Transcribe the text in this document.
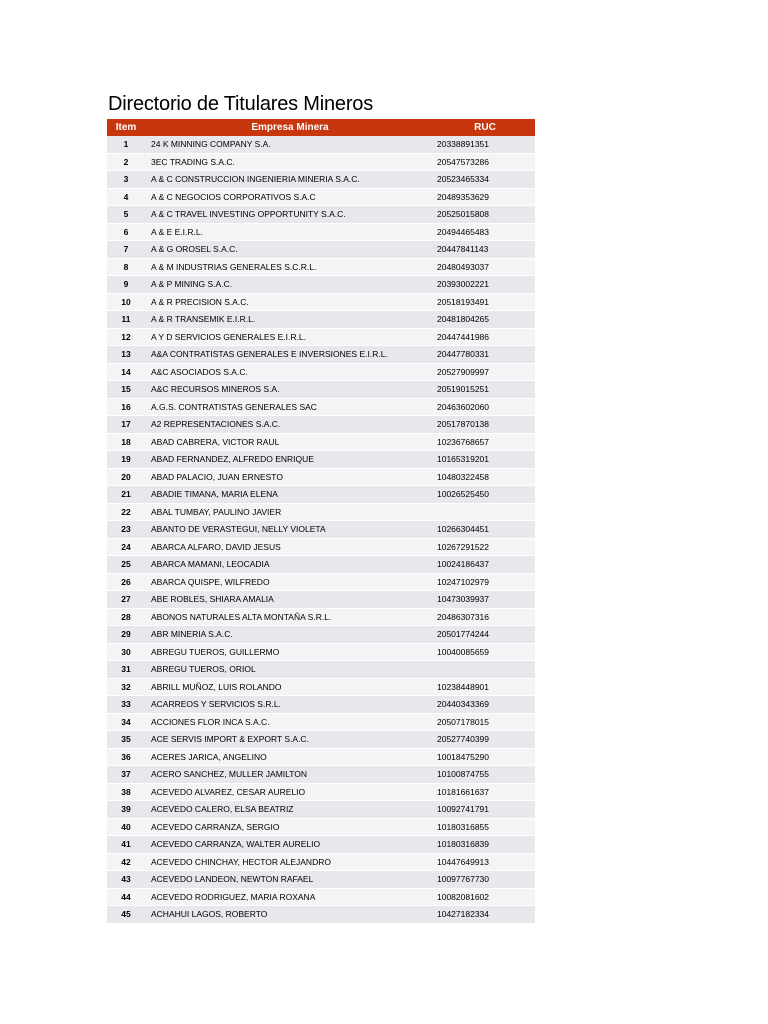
Directorio de Titulares Mineros
Item	Empresa Minera	RUC
1	24 K MINNING COMPANY S.A.	20338891351
2	3EC TRADING S.A.C.	20547573286
3	A & C CONSTRUCCION INGENIERIA MINERIA S.A.C.	20523465334
4	A & C NEGOCIOS CORPORATIVOS S.A.C	20489353629
5	A & C TRAVEL INVESTING OPPORTUNITY S.A.C.	20525015808
6	A & E E.I.R.L.	20494465483
7	A & G OROSEL S.A.C.	20447841143
8	A & M INDUSTRIAS GENERALES S.C.R.L.	20480493037
9	A & P MINING S.A.C.	20393002221
10	A & R PRECISION S.A.C.	20518193491
11	A & R TRANSEMIK E.I.R.L.	20481804265
12	A Y D SERVICIOS GENERALES E.I.R.L.	20447441986
13	A&A CONTRATISTAS GENERALES E INVERSIONES E.I.R.L.	20447780331
14	A&C ASOCIADOS S.A.C.	20527909997
15	A&C RECURSOS MINEROS S.A.	20519015251
16	A.G.S. CONTRATISTAS GENERALES SAC	20463602060
17	A2 REPRESENTACIONES S.A.C.	20517870138
18	ABAD CABRERA, VICTOR RAUL	10236768657
19	ABAD FERNANDEZ, ALFREDO ENRIQUE	10165319201
20	ABAD PALACIO, JUAN ERNESTO	10480322458
21	ABADIE TIMANA, MARIA ELENA	10026525450
22	ABAL TUMBAY, PAULINO JAVIER	
23	ABANTO DE VERASTEGUI, NELLY VIOLETA	10266304451
24	ABARCA ALFARO, DAVID JESUS	10267291522
25	ABARCA MAMANI, LEOCADIA	10024186437
26	ABARCA QUISPE, WILFREDO	10247102979
27	ABE ROBLES, SHIARA AMALIA	10473039937
28	ABONOS NATURALES ALTA MONTAÑA S.R.L.	20486307316
29	ABR MINERIA S.A.C.	20501774244
30	ABREGU TUEROS, GUILLERMO	10040085659
31	ABREGU TUEROS, ORIOL	
32	ABRILL MUÑOZ, LUIS ROLANDO	10238448901
33	ACARREOS Y SERVICIOS S.R.L.	20440343369
34	ACCIONES FLOR INCA S.A.C.	20507178015
35	ACE SERVIS IMPORT & EXPORT S.A.C.	20527740399
36	ACERES JARICA, ANGELINO	10018475290
37	ACERO SANCHEZ, MULLER JAMILTON	10100874755
38	ACEVEDO ALVAREZ, CESAR AURELIO	10181661637
39	ACEVEDO CALERO, ELSA BEATRIZ	10092741791
40	ACEVEDO CARRANZA, SERGIO	10180316855
41	ACEVEDO CARRANZA, WALTER AURELIO	10180316839
42	ACEVEDO CHINCHAY, HECTOR ALEJANDRO	10447649913
43	ACEVEDO LANDEON, NEWTON RAFAEL	10097767730
44	ACEVEDO RODRIGUEZ, MARIA ROXANA	10082081602
45	ACHAHUI LAGOS, ROBERTO	10427182334
